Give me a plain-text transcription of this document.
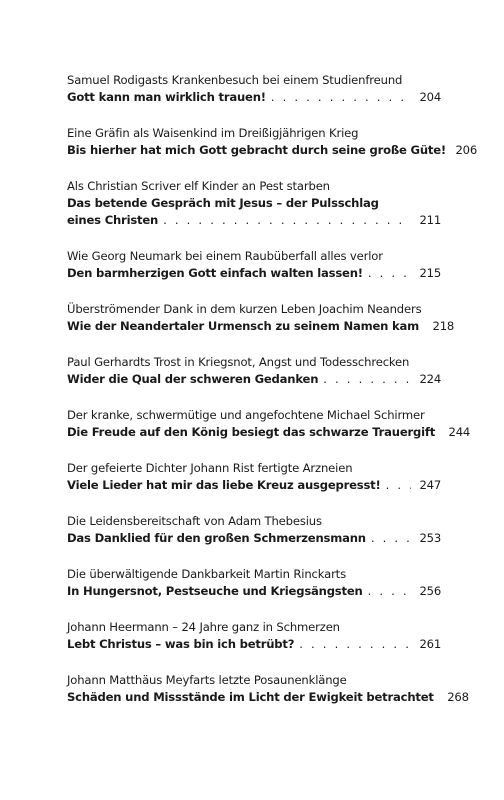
Samuel Rodigasts Krankenbesuch bei einem Studienfreund
Gott kann man wirklich trauen! . . .	204
Eine Gräfin als Waisenkind im Dreißigjährigen Krieg
Bis hierher hat mich Gott gebracht durch seine große Güte! 206
Als Christian Scriver elf Kinder an Pest starben
Das betende Gespräch mit Jesus – der Pulsschlag
eines Christen . . .	211
Wie Georg Neumark bei einem Raubüberfall alles verlor
Den barmherzigen Gott einfach walten lassen! . . .	215
Überströmender Dank in dem kurzen Leben Joachim Neanders
Wie der Neandertaler Urmensch zu seinem Namen kam	218
Paul Gerhardts Trost in Kriegsnot, Angst und Todesschrecken
Wider die Qual der schweren Gedanken . . .	224
Der kranke, schwermütige und angefochtene Michael Schirmer
Die Freude auf den König besiegt das schwarze Trauergift	244
Der gefeierte Dichter Johann Rist fertigte Arzneien
Viele Lieder hat mir das liebe Kreuz ausgepresst! . . .	247
Die Leidensbereitschaft von Adam Thebesius
Das Danklied für den großen Schmerzensmann . . .	253
Die überwältigende Dankbarkeit Martin Rinckarts
In Hungersnot, Pestseuche und Kriegsängsten . . .	256
Johann Heermann – 24 Jahre ganz in Schmerzen
Lebt Christus – was bin ich betrübt? . . .	261
Johann Matthäus Meyfarts letzte Posaunenklänge
Schäden und Missstände im Licht der Ewigkeit betrachtet	268
